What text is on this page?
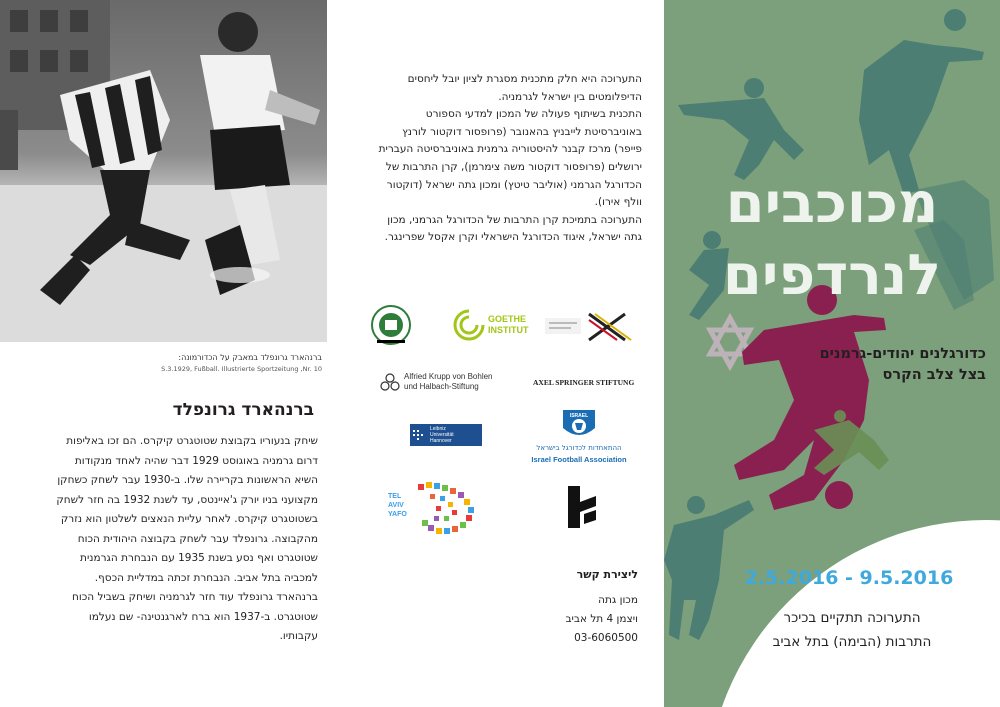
ברנהארד גרונפלד במאבק על הכדורמונה:
S.3.1929, Fußball. Illustrierte Sportzeitung ,Nr. 10
ברנהארד גרונפלד
שיחק בנעוריו בקבוצת שטוטגרט קיקרס. הם זכו באליפות
דרום גרמניה באוגוסט 1929 דבר שהיה לאחד מנקודות
השיא הראשונות בקריירה שלו. ב-1930 עבר לשחק כשחקן
מקצועני בניו יורק ג'איינטס, עד לשנת 1932 בה חזר לשחק
בשטוטגרט קיקרס. לאחר עליית הנאצים לשלטון הוא נזרק
מהקבוצה. גרונפלד עבר לשחק בקבוצה היהודית הכוח
שטוטגרט ואף נסע בשנת 1935 עם הנבחרת הגרמנית
למכביה בתל אביב. הנבחרת זכתה במדליית הכסף.
ברנהארד גרונפלד עוד חזר לגרמניה ושיחק בשביל הכוח
שטוטגרט. ב-1937 הוא ברח לארגנטינה- שם נעלמו
עקבותיו.
התערוכה היא חלק מתכנית מסגרת לציון יובל ליחסים
הדיפלומטים בין ישראל לגרמניה.
התכנית בשיתוף פעולה של המכון למדעי הספורט
באוניברסיטת לייבניץ בהאנובר (פרופסור דוקטור לורנץ
פייפר) מרכז קבנר להיסטוריה גרמנית באוניברסיטה העברית
ירושלים (פרופסור דוקטור משה צימרמן), קרן התרבות של
הכדורגל הגרמני (אוליבר טיטץ) ומכון גתה ישראל (דוקטור
וולף אירו).
התערוכה בתמיכת קרן התרבות של הכדורגל הגרמני, מכון
גתה ישראל, איגוד הכדורגל הישראלי וקרן אקסל שפרינגר.
GOETHE
INSTITUT
Alfried Krupp von Bohlen
und Halbach-Stiftung	AXEL SPRINGER STIFTUNG
Leibniz
Universität
Hannover
ISRAEL
ההתאחדות לכדורגל בישראל
Israel Football Association
TEL
AVIV
YAFO
ליצירת קשר
מכון גתה
ויצמן 4 תל אביב
03-6060500
מכוכבים
לנרדפים
כדורגלנים יהודים-גרמנים
בצל צלב הקרס
2.5.2016 - 9.5.2016
התערוכה תתקיים בכיכר
התרבות (הבימה) בתל אביב
